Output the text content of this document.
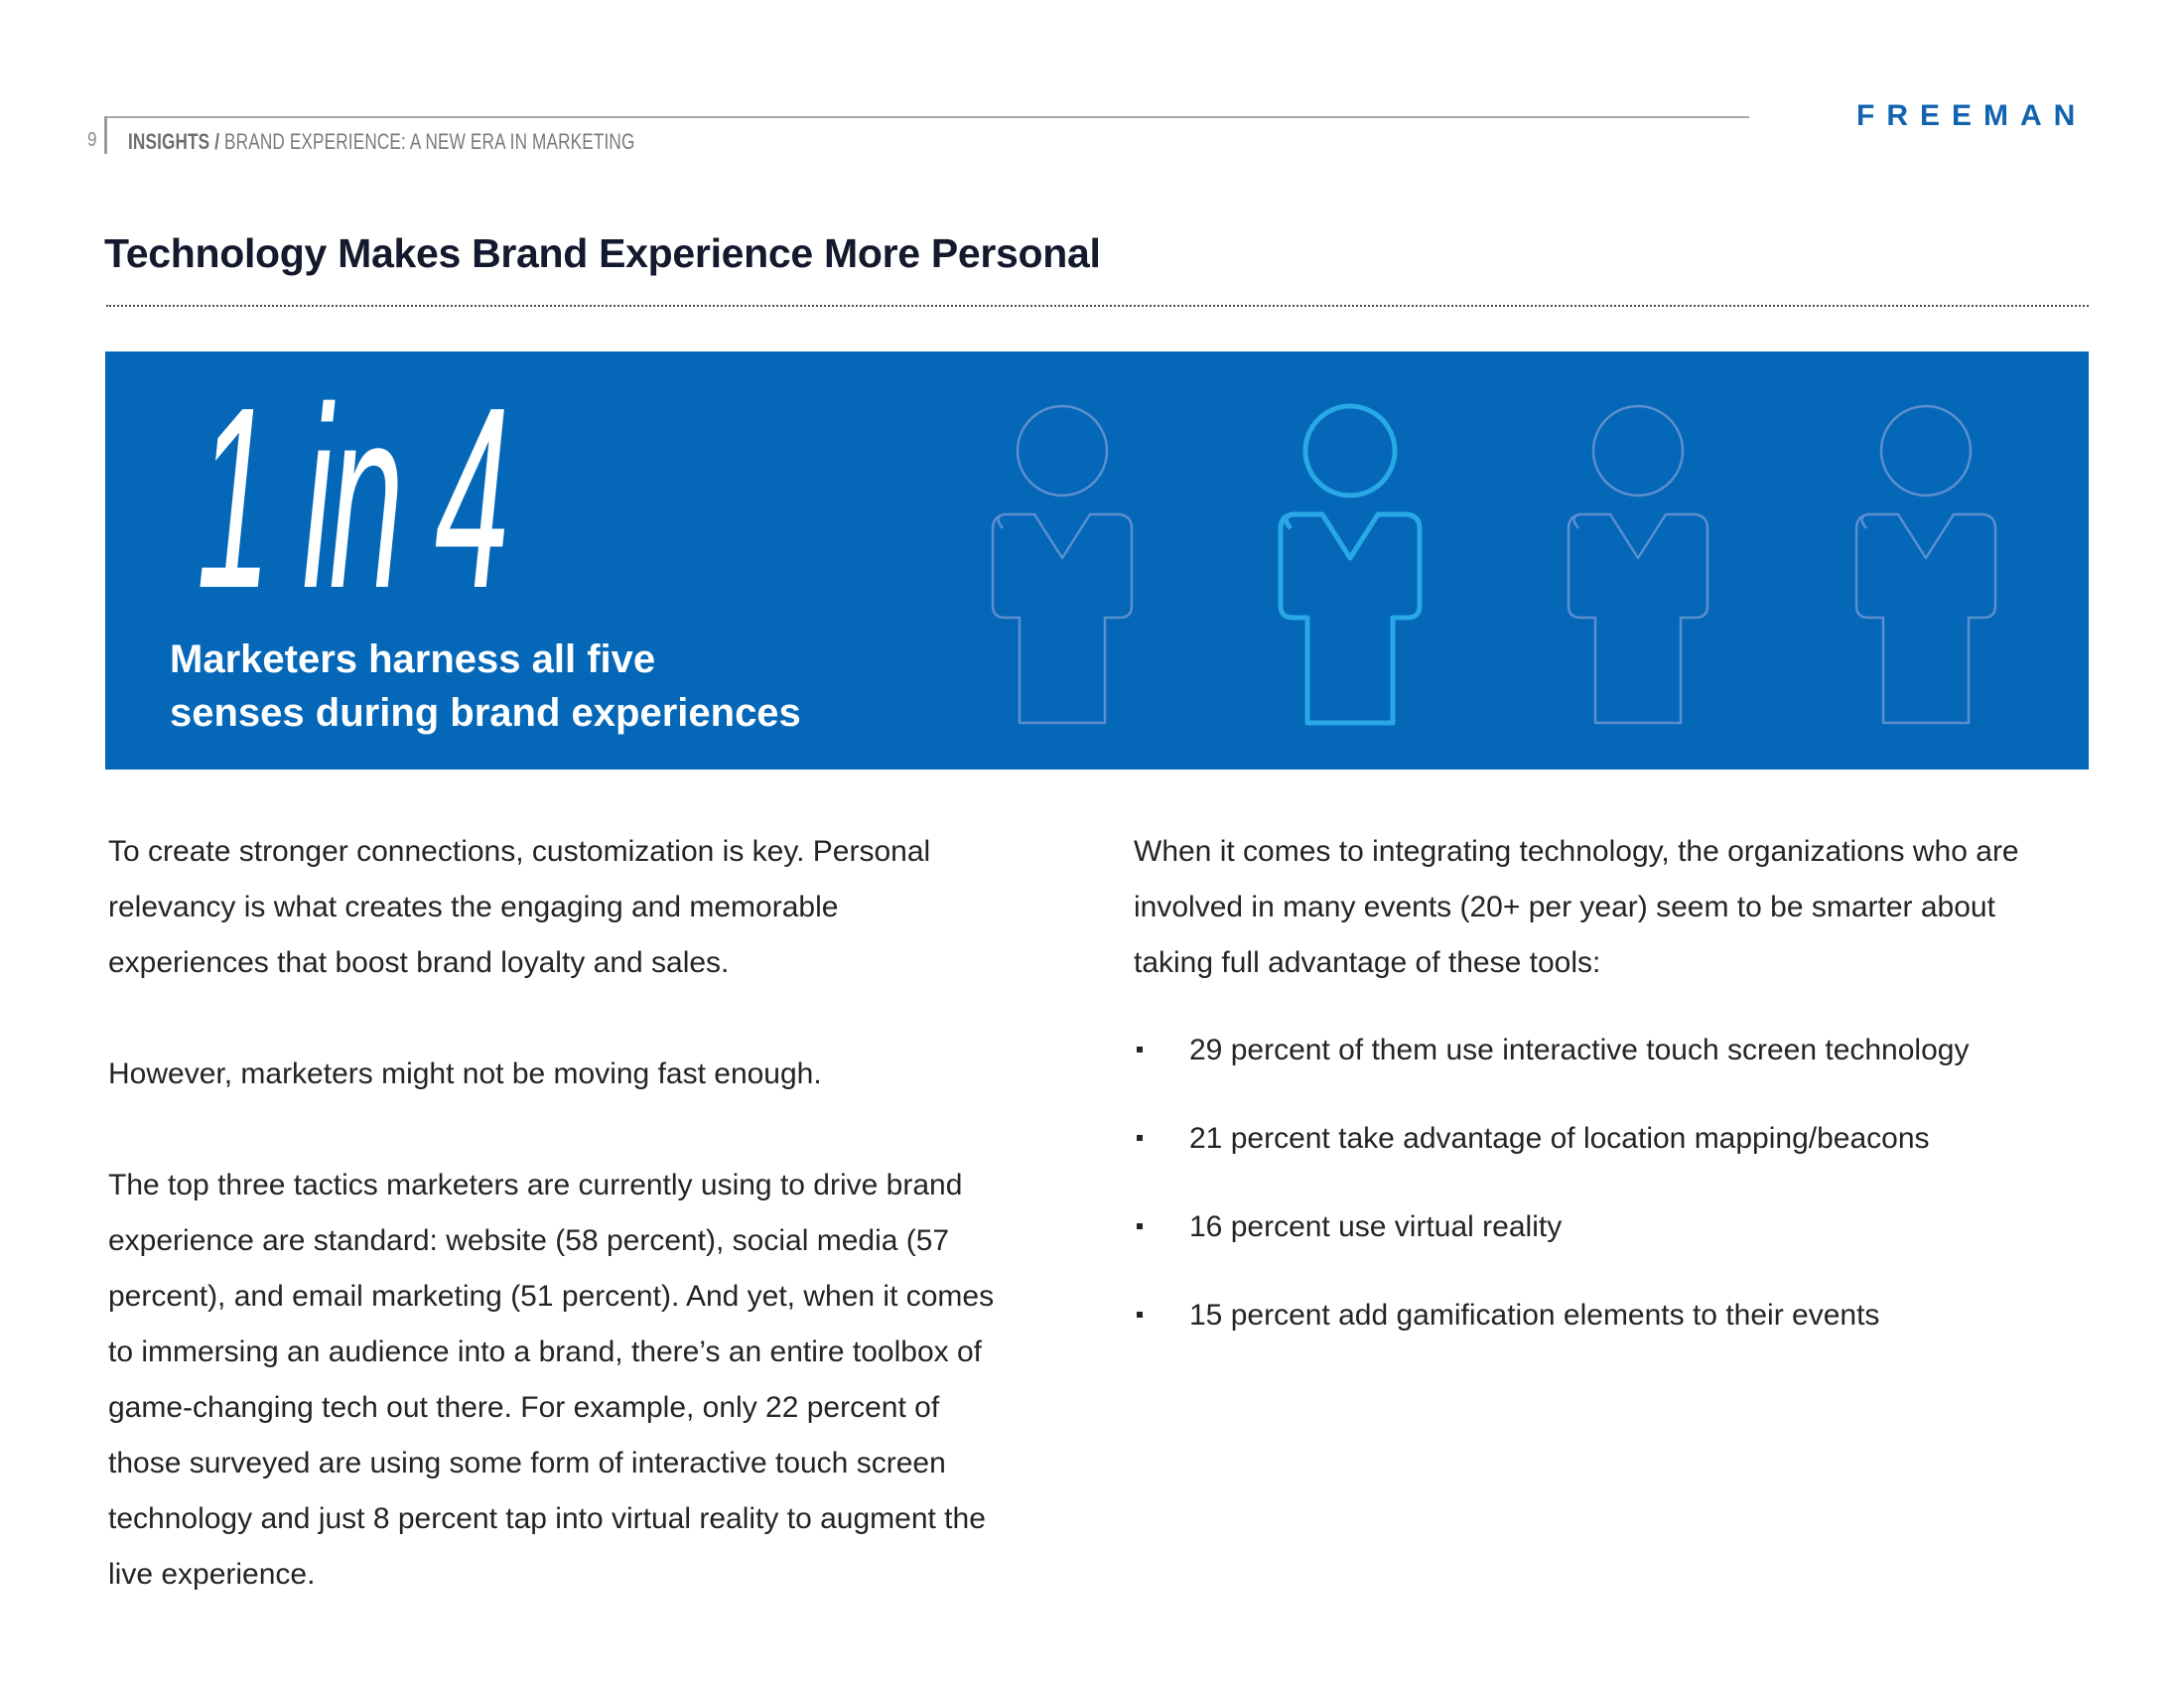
9 INSIGHTS / BRAND EXPERIENCE: A NEW ERA IN MARKETING
FREEMAN
Technology Makes Brand Experience More Personal
1 in 4
Marketers harness all five
senses during brand experiences

To create stronger connections, customization is key. Personal relevancy is what creates the engaging and memorable experiences that boost brand loyalty and sales.

However, marketers might not be moving fast enough.

The top three tactics marketers are currently using to drive brand experience are standard: website (58 percent), social media (57 percent), and email marketing (51 percent). And yet, when it comes to immersing an audience into a brand, there’s an entire toolbox of game-changing tech out there. For example, only 22 percent of those surveyed are using some form of interactive touch screen technology and just 8 percent tap into virtual reality to augment the live experience.

When it comes to integrating technology, the organizations who are involved in many events (20+ per year) seem to be smarter about taking full advantage of these tools:

29 percent of them use interactive touch screen technology
21 percent take advantage of location mapping/beacons
16 percent use virtual reality
15 percent add gamification elements to their events
